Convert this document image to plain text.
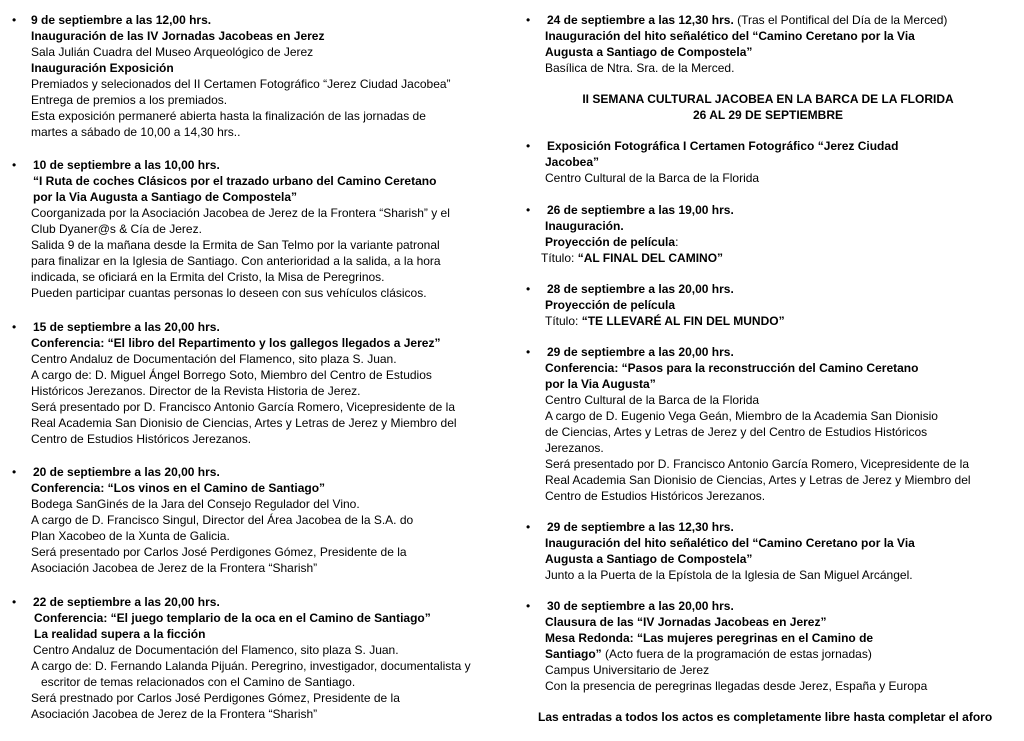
• 9 de septiembre a las 12,00 hrs.
Inauguración de las IV Jornadas Jacobeas en Jerez
Sala Julián Cuadra del Museo Arqueológico de Jerez
Inauguración Exposición
Premiados y selecionados del II Certamen Fotográfico “Jerez Ciudad Jacobea”
Entrega de premios a los premiados.
Esta exposición permaneré abierta hasta la finalización de las jornadas de
martes a sábado de 10,00 a 14,30 hrs..
• 10 de septiembre a las 10,00 hrs.
“I Ruta de coches Clásicos por el trazado urbano del Camino Ceretano
por la Via Augusta a Santiago de Compostela”
Coorganizada por la Asociación Jacobea de Jerez de la Frontera “Sharish” y el
Club Dyaner@s & Cía de Jerez.
Salida 9 de la mañana desde la Ermita de San Telmo por la variante patronal
para finalizar en la Iglesia de Santiago. Con anterioridad a la salida, a la hora
indicada, se oficiará en la Ermita del Cristo, la Misa de Peregrinos.
Pueden participar cuantas personas lo deseen con sus vehículos clásicos.
• 15 de septiembre a las 20,00 hrs.
Conferencia: “El libro del Repartimento y los gallegos llegados a Jerez”
Centro Andaluz de Documentación del Flamenco, sito plaza S. Juan.
A cargo de: D. Miguel Ángel Borrego Soto, Miembro del Centro de Estudios
Históricos Jerezanos. Director de la Revista Historia de Jerez.
Será presentado por D. Francisco Antonio García Romero, Vicepresidente de la
Real Academia San Dionisio de Ciencias, Artes y Letras de Jerez y Miembro del
Centro de Estudios Históricos Jerezanos.
• 20 de septiembre a las 20,00 hrs.
Conferencia: “Los vinos en el Camino de Santiago”
Bodega SanGinés de la Jara del Consejo Regulador del Vino.
A cargo de D. Francisco Singul, Director del Área Jacobea de la S.A. do
Plan Xacobeo de la Xunta de Galicia.
Será presentado por Carlos José Perdigones Gómez, Presidente de la
Asociación Jacobea de Jerez de la Frontera “Sharish”
• 22 de septiembre a las 20,00 hrs.
Conferencia: “El juego templario de la oca en el Camino de Santiago”
La realidad supera a la ficción
Centro Andaluz de Documentación del Flamenco, sito plaza S. Juan.
A cargo de: D. Fernando Lalanda Pijuán. Peregrino, investigador, documentalista y
escritor de temas relacionados con el Camino de Santiago.
Será prestnado por Carlos José Perdigones Gómez, Presidente de la
Asociación Jacobea de Jerez de la Frontera “Sharish”
• 24 de septiembre a las 12,30 hrs. (Tras el Pontifical del Día de la Merced)
Inauguración del hito señalético del “Camino Ceretano por la Via
Augusta a Santiago de Compostela”
Basílica de Ntra. Sra. de la Merced.
II SEMANA CULTURAL JACOBEA EN LA BARCA DE LA FLORIDA
26 AL 29 DE SEPTIEMBRE
• Exposición Fotográfica I Certamen Fotográfico “Jerez Ciudad
Jacobea”
Centro Cultural de la Barca de la Florida
• 26 de septiembre a las 19,00 hrs.
Inauguración.
Proyección de película:
Título: “AL FINAL DEL CAMINO”
• 28 de septiembre a las 20,00 hrs.
Proyección de película
Título: “TE LLEVARÉ AL FIN DEL MUNDO”
• 29 de septiembre a las 20,00 hrs.
Conferencia: “Pasos para la reconstrucción del Camino Ceretano
por la Via Augusta”
Centro Cultural de la Barca de la Florida
A cargo de D. Eugenio Vega Geán, Miembro de la Academia San Dionisio
de Ciencias, Artes y Letras de Jerez y del Centro de Estudios Históricos
Jerezanos.
Será presentado por D. Francisco Antonio García Romero, Vicepresidente de la
Real Academia San Dionisio de Ciencias, Artes y Letras de Jerez y Miembro del
Centro de Estudios Históricos Jerezanos.
• 29 de septiembre a las 12,30 hrs.
Inauguración del hito señalético del “Camino Ceretano por la Via
Augusta a Santiago de Compostela”
Junto a la Puerta de la Epístola de la Iglesia de San Miguel Arcángel.
• 30 de septiembre a las 20,00 hrs.
Clausura de las “IV Jornadas Jacobeas en Jerez”
Mesa Redonda: “Las mujeres peregrinas en el Camino de
Santiago” (Acto fuera de la programación de estas jornadas)
Campus Universitario de Jerez
Con la presencia de peregrinas llegadas desde Jerez, España y Europa
Las entradas a todos los actos es completamente libre hasta completar el aforo
